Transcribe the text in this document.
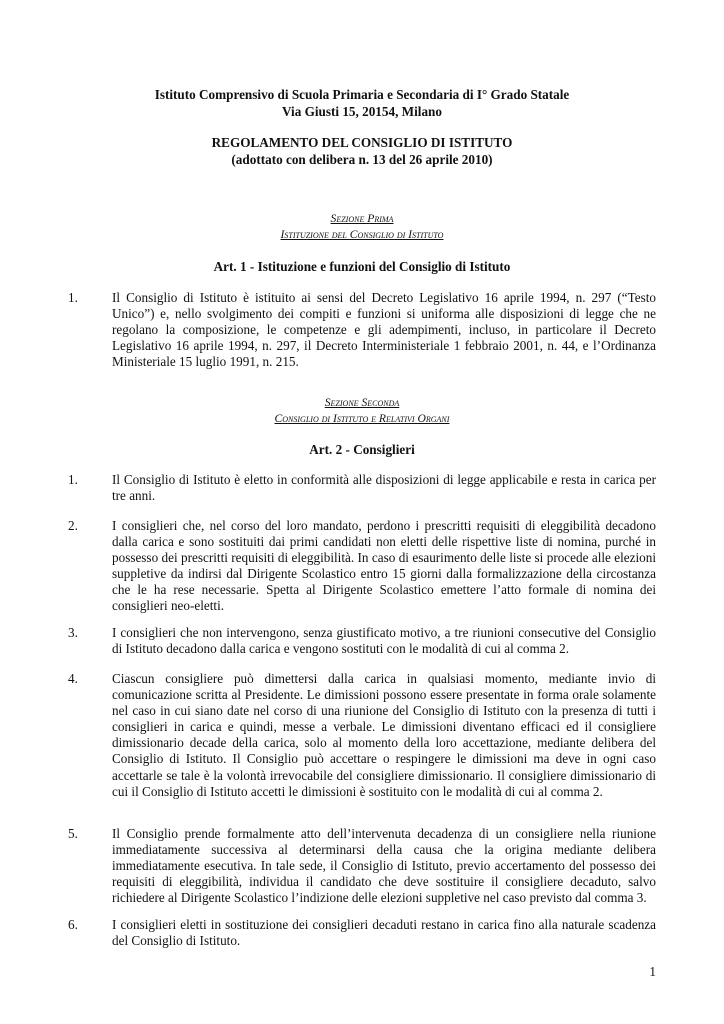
Istituto Comprensivo di Scuola Primaria e Secondaria di I° Grado Statale
Via Giusti 15, 20154, Milano
REGOLAMENTO DEL CONSIGLIO DI ISTITUTO
(adottato con delibera n. 13 del 26 aprile 2010)
Sezione Prima
Istituzione del Consiglio di Istituto
Art. 1 - Istituzione e funzioni del Consiglio di Istituto
1.	Il Consiglio di Istituto è istituito ai sensi del Decreto Legislativo 16 aprile 1994, n. 297 (“Testo Unico”) e, nello svolgimento dei compiti e funzioni si uniforma alle disposizioni di legge che ne regolano la composizione, le competenze e gli adempimenti, incluso, in particolare il Decreto Legislativo 16 aprile 1994, n. 297, il Decreto Interministeriale 1 febbraio 2001, n. 44, e l’Ordinanza Ministeriale 15 luglio 1991, n. 215.
Sezione Seconda
Consiglio di Istituto e Relativi Organi
Art. 2 - Consiglieri
1.	Il Consiglio di Istituto è eletto in conformità alle disposizioni di legge applicabile e resta in carica per tre anni.
2.	I consiglieri che, nel corso del loro mandato, perdono i prescritti requisiti di eleggibilità decadono dalla carica e sono sostituiti dai primi candidati non eletti delle rispettive liste di nomina, purché in possesso dei prescritti requisiti di eleggibilità. In caso di esaurimento delle liste si procede alle elezioni suppletive da indirsi dal Dirigente Scolastico entro 15 giorni dalla formalizzazione della circostanza che le ha rese necessarie. Spetta al Dirigente Scolastico emettere l’atto formale di nomina dei consiglieri neo-eletti.
3.	I consiglieri che non intervengono, senza giustificato motivo, a tre riunioni consecutive del Consiglio di Istituto decadono dalla carica e vengono sostituti con le modalità di cui al comma 2.
4.	Ciascun consigliere può dimettersi dalla carica in qualsiasi momento, mediante invio di comunicazione scritta al Presidente. Le dimissioni possono essere presentate in forma orale solamente nel caso in cui siano date nel corso di una riunione del Consiglio di Istituto con la presenza di tutti i consiglieri in carica e quindi, messe a verbale. Le dimissioni diventano efficaci ed il consigliere dimissionario decade della carica, solo al momento della loro accettazione, mediante delibera del Consiglio di Istituto. Il Consiglio può accettare o respingere le dimissioni ma deve in ogni caso accettarle se tale è la volontà irrevocabile del consigliere dimissionario. Il consigliere dimissionario di cui il Consiglio di Istituto accetti le dimissioni è sostituito con le modalità di cui al comma 2.
5.	Il Consiglio prende formalmente atto dell’intervenuta decadenza di un consigliere nella riunione immediatamente successiva al determinarsi della causa che la origina mediante delibera immediatamente esecutiva. In tale sede, il Consiglio di Istituto, previo accertamento del possesso dei requisiti di eleggibilità, individua il candidato che deve sostituire il consigliere decaduto, salvo richiedere al Dirigente Scolastico l’indizione delle elezioni suppletive nel caso previsto dal comma 3.
6.	I consiglieri eletti in sostituzione dei consiglieri decaduti restano in carica fino alla naturale scadenza del Consiglio di Istituto.
1
